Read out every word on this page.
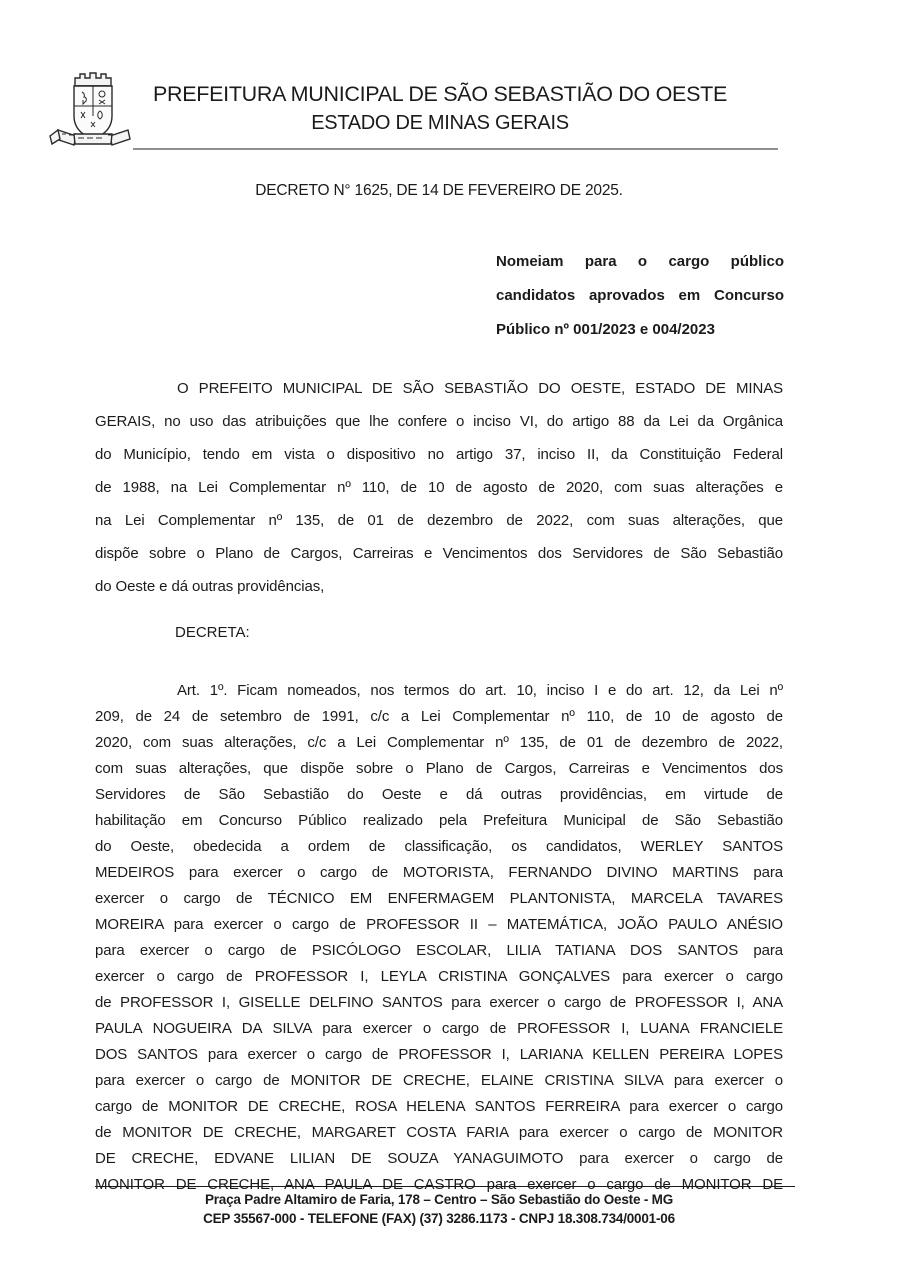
PREFEITURA MUNICIPAL DE SÃO SEBASTIÃO DO OESTE
ESTADO DE MINAS GERAIS
DECRETO N° 1625, DE 14 DE FEVEREIRO DE 2025.
Nomeiam para o cargo público
candidatos aprovados em Concurso
Público nº 001/2023 e 004/2023
O PREFEITO MUNICIPAL DE SÃO SEBASTIÃO DO OESTE, ESTADO DE MINAS
GERAIS, no uso das atribuições que lhe confere o inciso VI, do artigo 88 da Lei da Orgânica
do Município, tendo em vista o dispositivo no artigo 37, inciso II, da Constituição Federal
de 1988, na Lei Complementar nº 110, de 10 de agosto de 2020, com suas alterações e
na Lei Complementar nº 135, de 01 de dezembro de 2022, com suas alterações, que
dispõe sobre o Plano de Cargos, Carreiras e Vencimentos dos Servidores de São Sebastião
do Oeste e dá outras providências,
DECRETA:
Art. 1º. Ficam nomeados, nos termos do art. 10, inciso I e do art. 12, da Lei nº
209, de 24 de setembro de 1991, c/c a Lei Complementar nº 110, de 10 de agosto de
2020, com suas alterações, c/c a Lei Complementar nº 135, de 01 de dezembro de 2022,
com suas alterações, que dispõe sobre o Plano de Cargos, Carreiras e Vencimentos dos
Servidores de São Sebastião do Oeste e dá outras providências, em virtude de
habilitação em Concurso Público realizado pela Prefeitura Municipal de São Sebastião
do Oeste, obedecida a ordem de classificação, os candidatos, WERLEY SANTOS
MEDEIROS para exercer o cargo de MOTORISTA, FERNANDO DIVINO MARTINS para
exercer o cargo de TÉCNICO EM ENFERMAGEM PLANTONISTA, MARCELA TAVARES
MOREIRA para exercer o cargo de PROFESSOR II – MATEMÁTICA, JOÃO PAULO ANÉSIO
para exercer o cargo de PSICÓLOGO ESCOLAR, LILIA TATIANA DOS SANTOS para
exercer o cargo de PROFESSOR I, LEYLA CRISTINA GONÇALVES para exercer o cargo
de PROFESSOR I, GISELLE DELFINO SANTOS para exercer o cargo de PROFESSOR I, ANA
PAULA NOGUEIRA DA SILVA para exercer o cargo de PROFESSOR I, LUANA FRANCIELE
DOS SANTOS para exercer o cargo de PROFESSOR I, LARIANA KELLEN PEREIRA LOPES
para exercer o cargo de MONITOR DE CRECHE, ELAINE CRISTINA SILVA para exercer o
cargo de MONITOR DE CRECHE, ROSA HELENA SANTOS FERREIRA para exercer o cargo
de MONITOR DE CRECHE, MARGARET COSTA FARIA para exercer o cargo de MONITOR
DE CRECHE, EDVANE LILIAN DE SOUZA YANAGUIMOTO para exercer o cargo de
MONITOR DE CRECHE, ANA PAULA DE CASTRO para exercer o cargo de MONITOR DE
Praça Padre Altamiro de Faria, 178 – Centro – São Sebastião do Oeste - MG
CEP 35567-000 - TELEFONE (FAX) (37) 3286.1173 - CNPJ 18.308.734/0001-06
